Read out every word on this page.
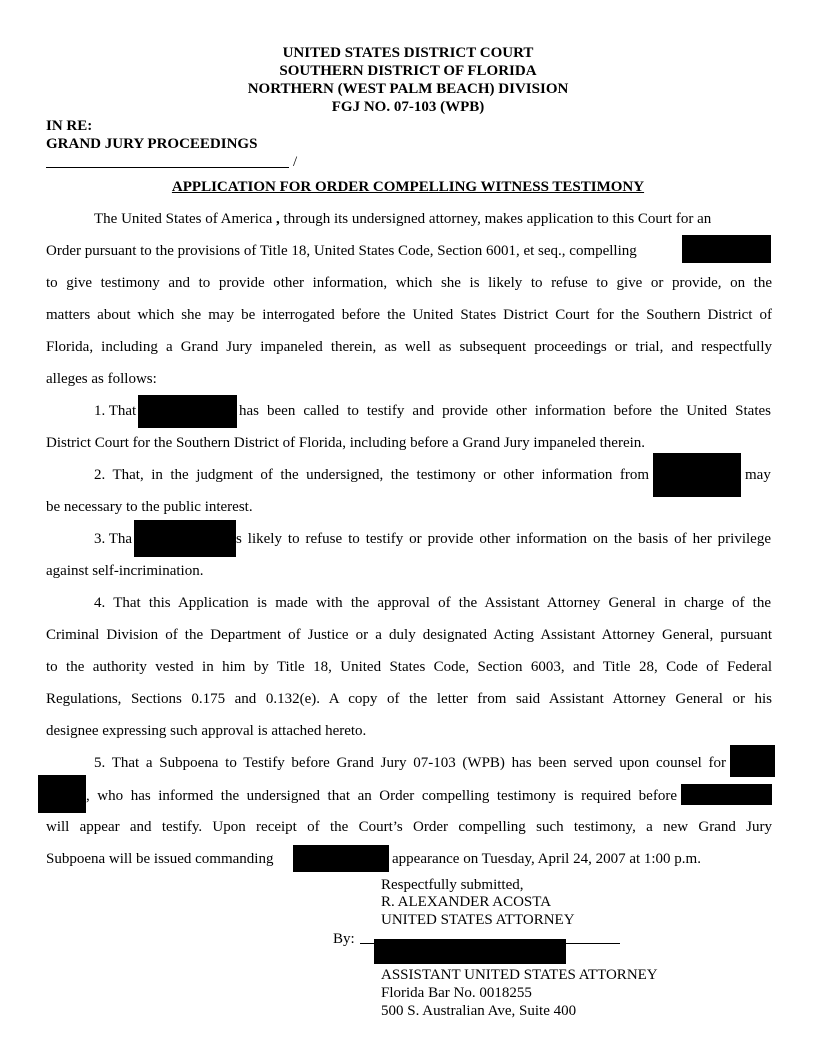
UNITED STATES DISTRICT COURT
SOUTHERN DISTRICT OF FLORIDA
NORTHERN (WEST PALM BEACH) DIVISION
FGJ NO. 07-103 (WPB)
IN RE:
GRAND JURY PROCEEDINGS
/
APPLICATION FOR ORDER COMPELLING WITNESS TESTIMONY
The United States of America , through its undersigned attorney, makes application to this Court for an
Order pursuant to the provisions of Title 18, United States Code, Section 6001, et seq., compelling
to give testimony and to provide other information, which she is likely to refuse to give or provide, on the
matters about which she may be interrogated before the United States District Court for the Southern District of
Florida, including a Grand Jury impaneled therein, as well as subsequent proceedings or trial, and respectfully
alleges as follows:
1. That	has been called to testify and provide other information before the United States
District Court for the Southern District of Florida, including before a Grand Jury impaneled therein.
2. That, in the judgment of the undersigned, the testimony or other information from	may
be necessary to the public interest.
3. Tha	s likely to refuse to testify or provide other information on the basis of her privilege
against self-incrimination.
4. That this Application is made with the approval of the Assistant Attorney General in charge of the
Criminal Division of the Department of Justice or a duly designated Acting Assistant Attorney General, pursuant
to the authority vested in him by Title 18, United States Code, Section 6003, and Title 28, Code of Federal
Regulations, Sections 0.175 and 0.132(e). A copy of the letter from said Assistant Attorney General or his
designee expressing such approval is attached hereto.
5. That a Subpoena to Testify before Grand Jury 07-103 (WPB) has been served upon counsel for
, who has informed the undersigned that an Order compelling testimony is required before
will appear and testify. Upon receipt of the Court’s Order compelling such testimony, a new Grand Jury
Subpoena will be issued commanding	appearance on Tuesday, April 24, 2007 at 1:00 p.m.
Respectfully submitted,
R. ALEXANDER ACOSTA
UNITED STATES ATTORNEY
By:
ASSISTANT UNITED STATES ATTORNEY
Florida Bar No. 0018255
500 S. Australian Ave, Suite 400
